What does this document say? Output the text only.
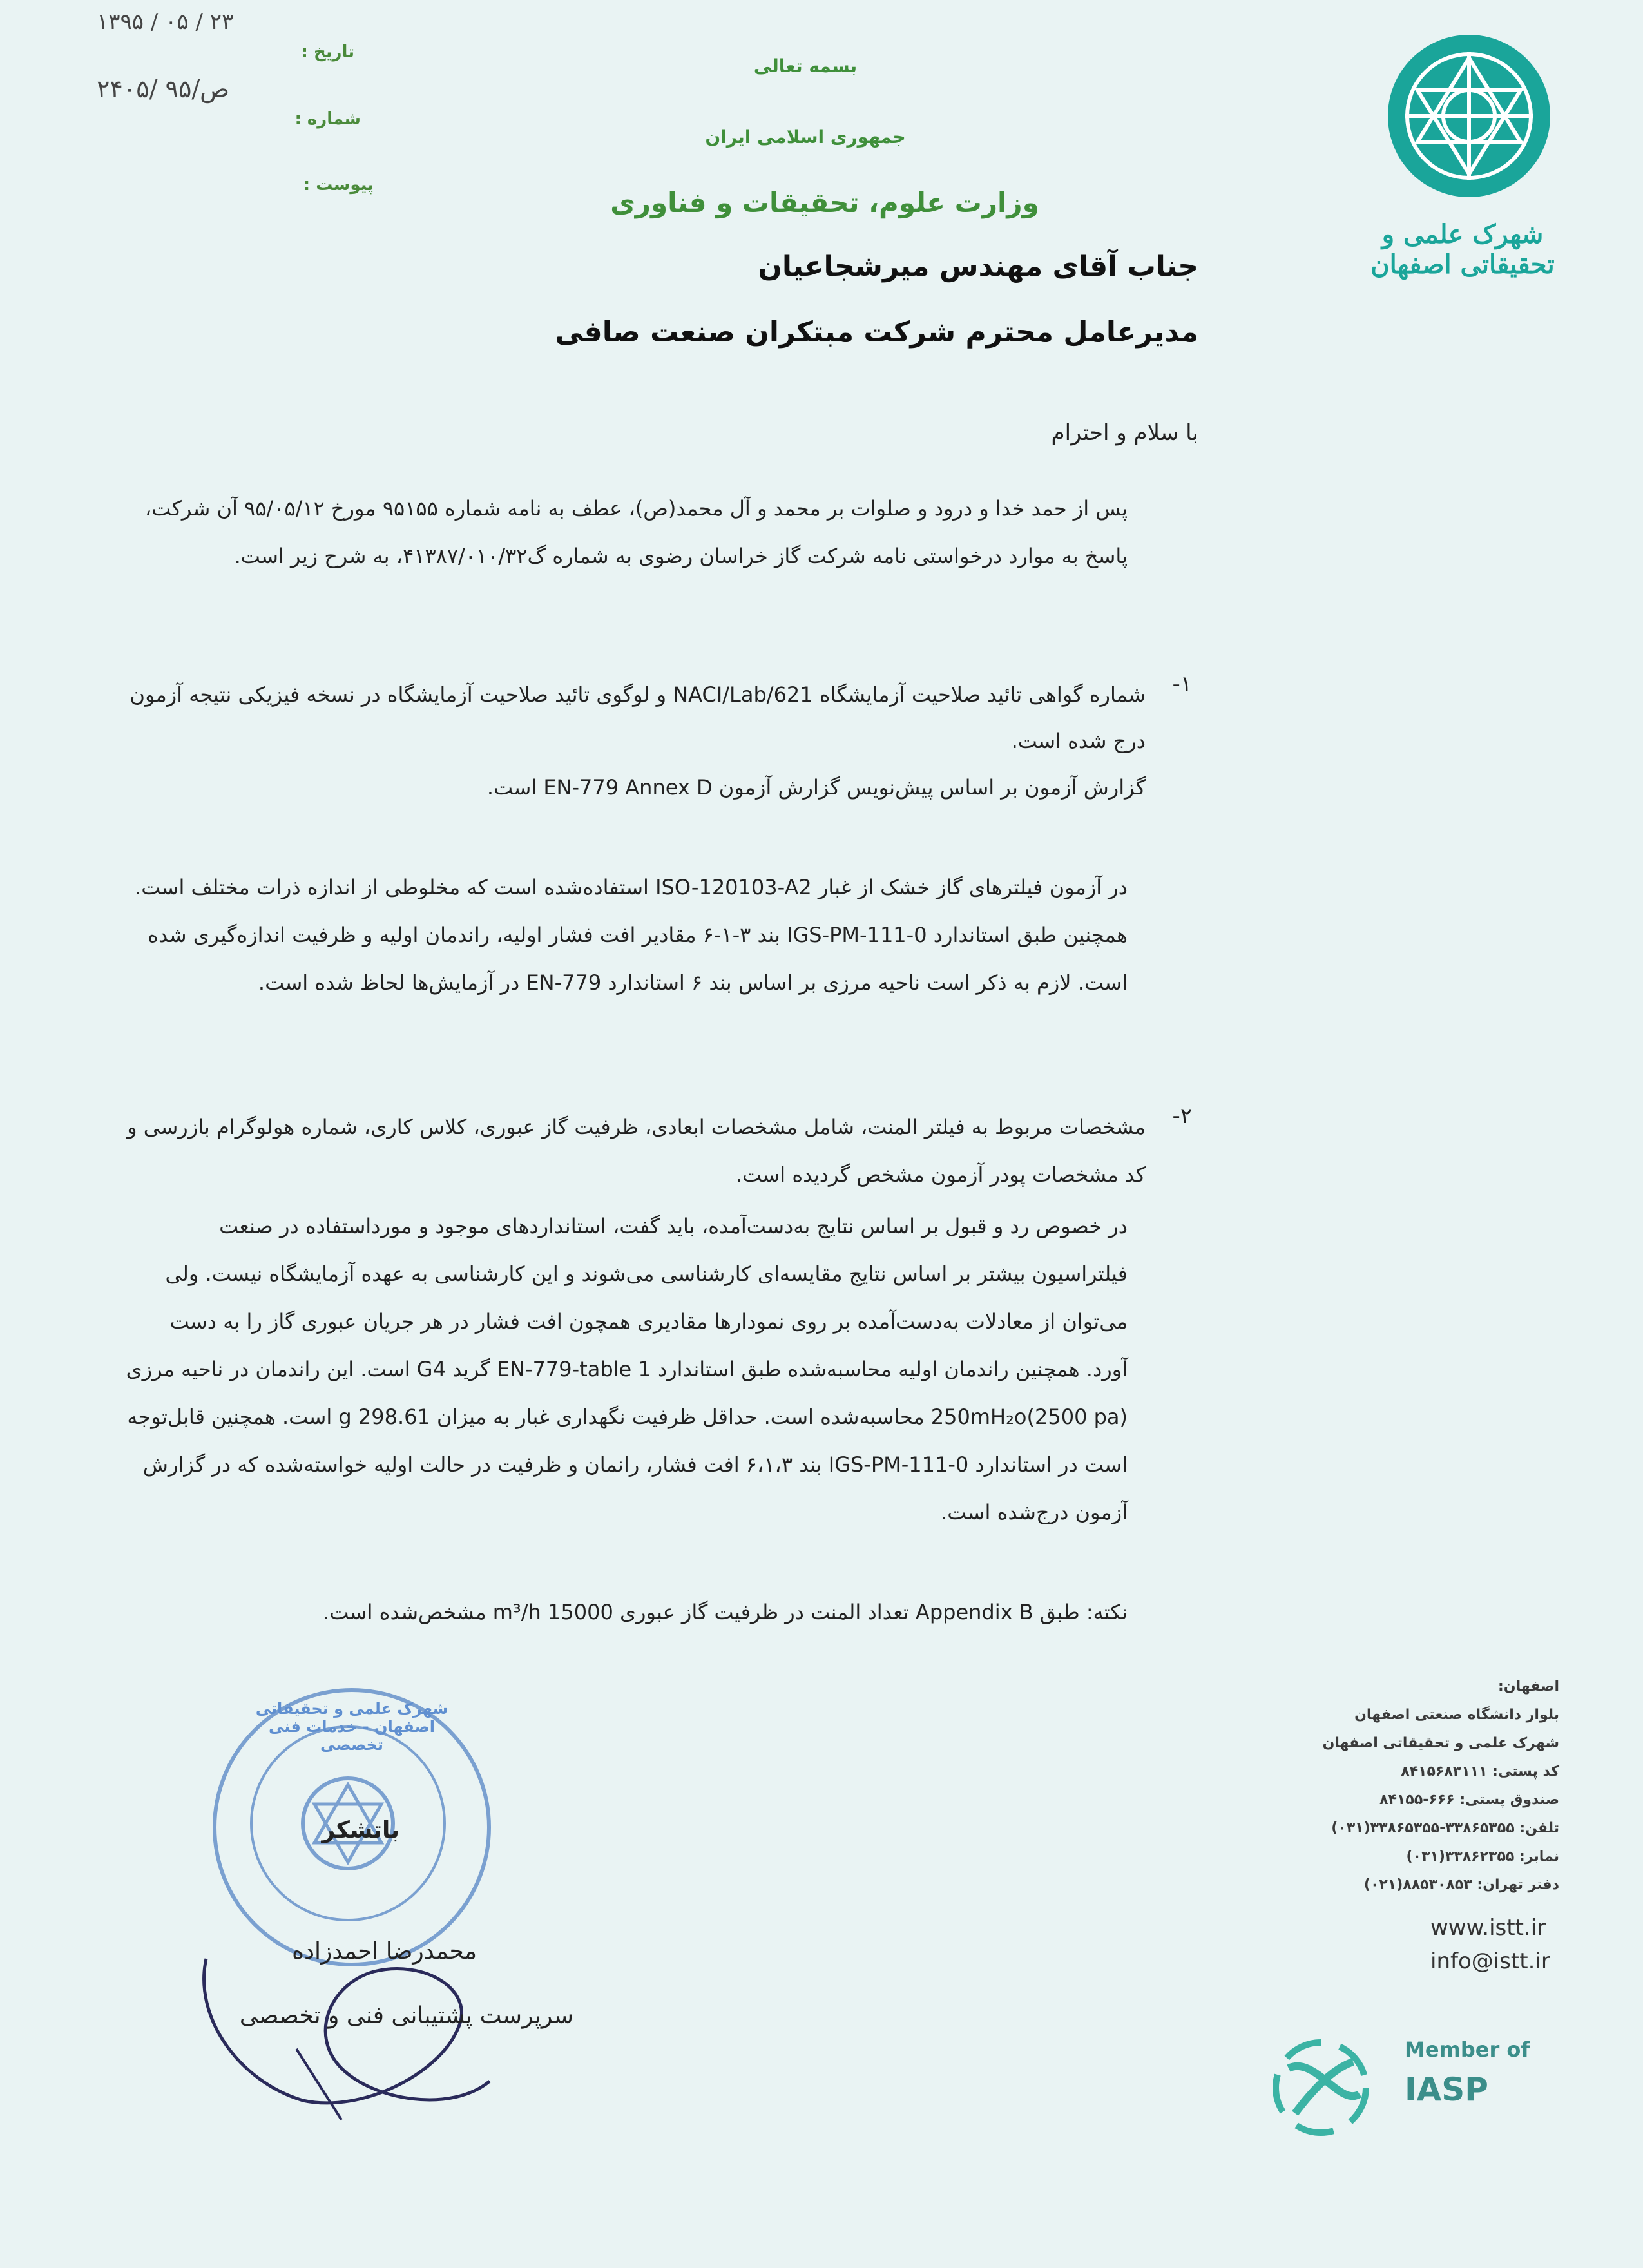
۱۳۹۵ / ۰۵ / ۲۳
تاریخ :
۲۴۰۵/ ص/۹۵
شماره :
پیوست :
بسمه تعالی
جمهوری اسلامی ایران
وزارت علوم، تحقیقات و فناوری
شهرک علمی و تحقیقاتی اصفهان
جناب آقای مهندس میرشجاعیان
مدیرعامل محترم شرکت مبتکران صنعت صافی
با سلام و احترام

پس از حمد خدا و درود و صلوات بر محمد و آل محمد(ص)، عطف به نامه شماره ۹۵۱۵۵ مورخ ۹۵/۰۵/۱۲ آن شرکت، پاسخ به موارد درخواستی نامه شرکت گاز خراسان رضوی به شماره گ۴۱۳۸۷/۰۱۰/۳۲، به شرح زیر است.

۱-

شماره گواهی تائید صلاحیت آزمایشگاه NACI/Lab/621 و لوگوی تائید صلاحیت آزمایشگاه در نسخه فیزیکی نتیجه آزمون درج شده است.

گزارش آزمون بر اساس پیش‌نویس گزارش آزمون EN-779 Annex D است.

در آزمون فیلترهای گاز خشک از غبار ISO-120103-A2 استفاده‌شده است که مخلوطی از اندازه ذرات مختلف است. همچنین طبق استاندارد IGS-PM-111-0 بند ۳-۱-۶ مقادیر افت فشار اولیه، راندمان اولیه و ظرفیت اندازه‌گیری شده است. لازم به ذکر است ناحیه مرزی بر اساس بند ۶ استاندارد EN-779 در آزمایش‌ها لحاظ شده است.

۲-

مشخصات مربوط به فیلتر المنت، شامل مشخصات ابعادی، ظرفیت گاز عبوری، کلاس کاری، شماره هولوگرام بازرسی و کد مشخصات پودر آزمون مشخص گردیده است.

در خصوص رد و قبول بر اساس نتایج به‌دست‌آمده، باید گفت، استانداردهای موجود و مورداستفاده در صنعت فیلتراسیون بیشتر بر اساس نتایج مقایسه‌ای کارشناسی می‌شوند و این کارشناسی به عهده آزمایشگاه نیست. ولی می‌توان از معادلات به‌دست‌آمده بر روی نمودارها مقادیری همچون افت فشار در هر جریان عبوری گاز را به دست آورد. همچنین راندمان اولیه محاسبه‌شده طبق استاندارد EN-779-table 1 گرید G4 است. این راندمان در ناحیه مرزی 250mH₂o(2500 pa) محاسبه‌شده است. حداقل ظرفیت نگهداری غبار به میزان 298.61 g است. همچنین قابل‌توجه است در استاندارد IGS-PM-111-0 بند ۶،۱،۳ افت فشار، رانمان و ظرفیت در حالت اولیه خواسته‌شده که در گزارش آزمون درج‌شده است.

نکته: طبق Appendix B تعداد المنت در ظرفیت گاز عبوری 15000 m³/h مشخص‌شده است.

شهرک علمی و تحقیقاتی اصفهان - خدمات فنی تخصصی
باتشکر
محمدرضا احمدزاده
سرپرست پشتیبانی فنی و تخصصی
اصفهان:
بلوار دانشگاه صنعتی اصفهان
شهرک علمی و تحقیقاتی اصفهان
کد پستی: ۸۴۱۵۶۸۳۱۱۱
صندوق پستی: ۶۶۶-۸۴۱۵۵
تلفن: ۳۳۸۶۵۳۵۵-۳۳۸۶۵۳۵۵(۰۳۱)
نمابر: ۳۳۸۶۲۳۵۵(۰۳۱)
دفتر تهران: ۸۸۵۳۰۸۵۳(۰۲۱)
www.istt.ir
info@istt.ir
Member of
IASP
